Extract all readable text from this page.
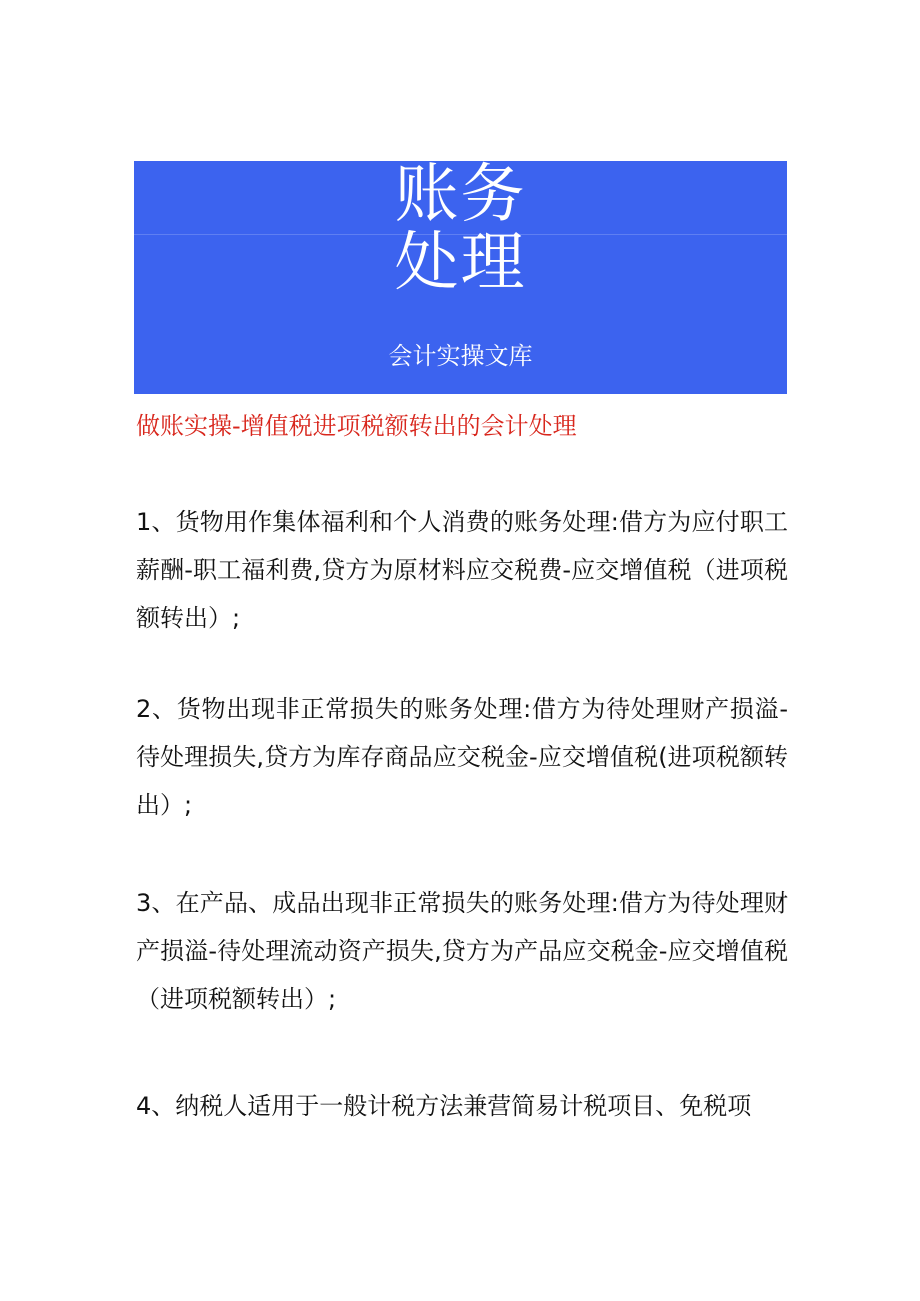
账务
处理
会计实操文库
做账实操-增值税进项税额转出的会计处理
1、货物用作集体福利和个人消费的账务处理:借方为应付职工薪酬-职工福利费,贷方为原材料应交税费-应交增值税（进项税额转出）;
2、货物出现非正常损失的账务处理:借方为待处理财产损溢-待处理损失,贷方为库存商品应交税金-应交增值税(进项税额转出）;
3、在产品、成品出现非正常损失的账务处理:借方为待处理财产损溢-待处理流动资产损失,贷方为产品应交税金-应交增值税（进项税额转出）;
4、纳税人适用于一般计税方法兼营简易计税项目、免税项
